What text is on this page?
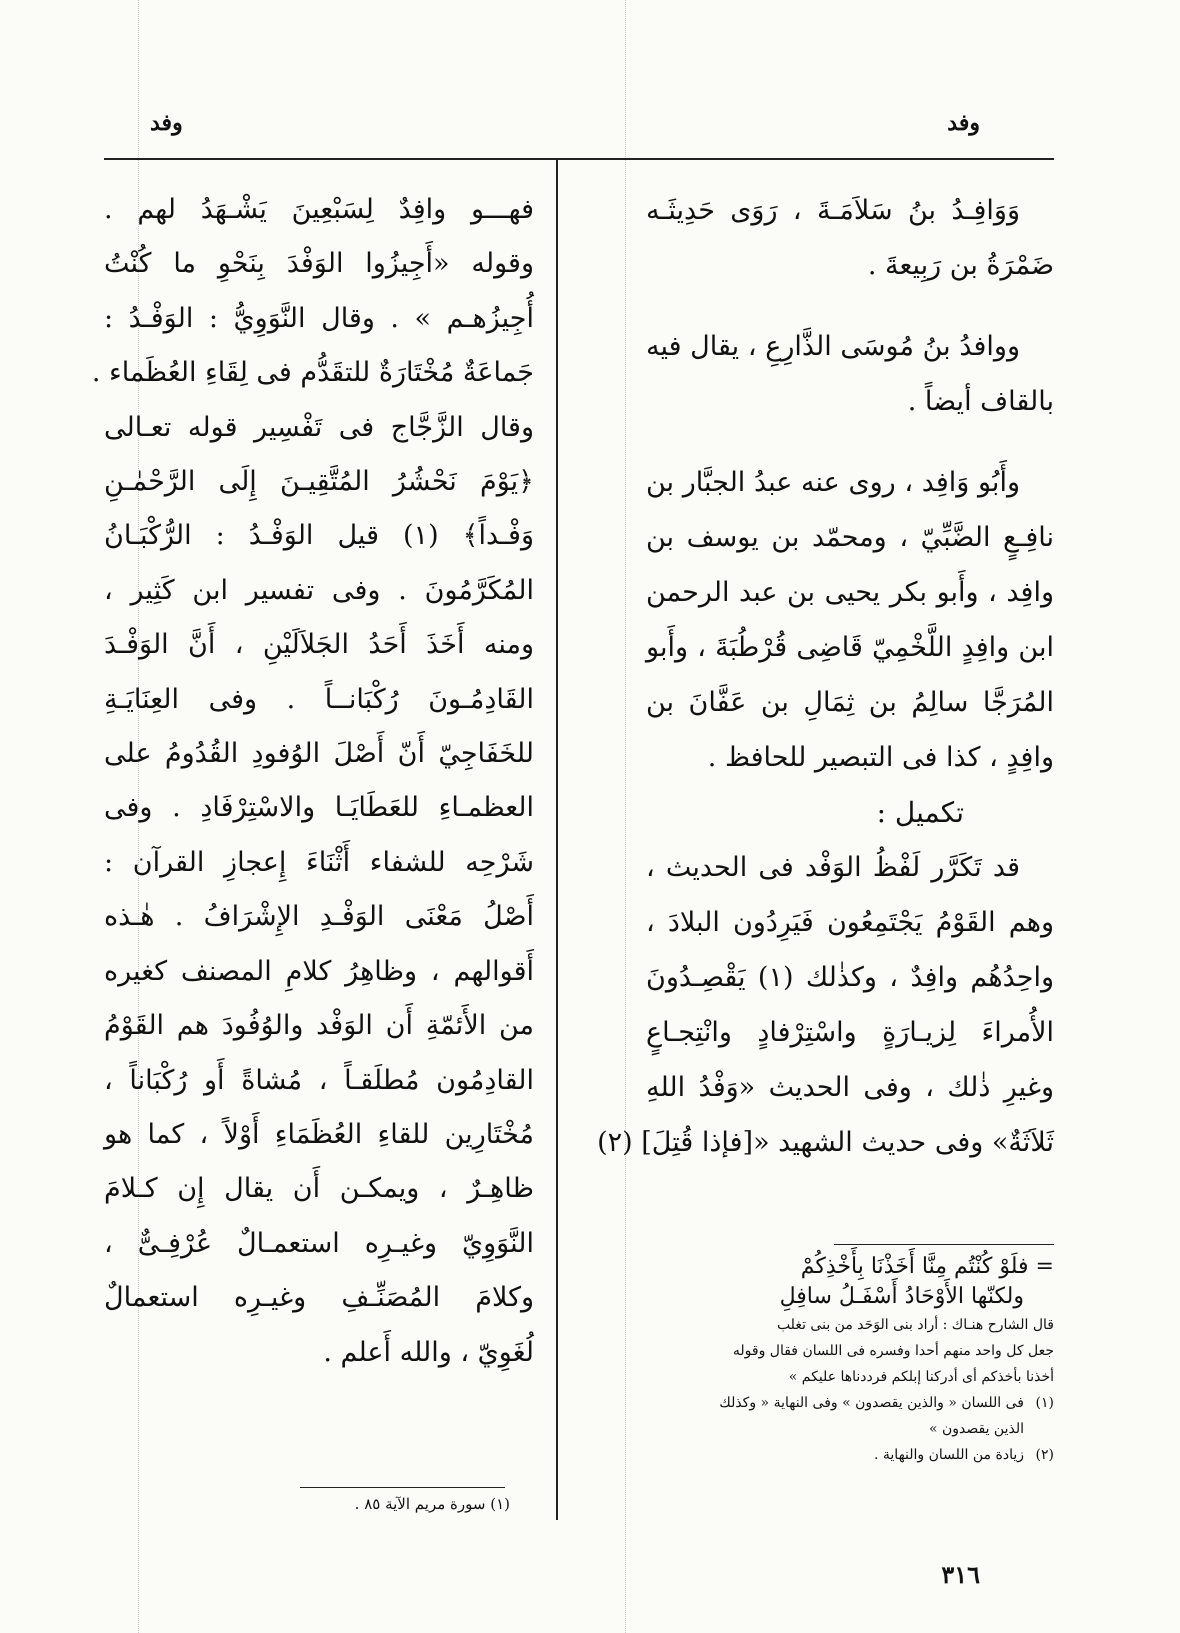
وفد
وفد
وَوَافِـدُ بنُ سَلاَمَـةَ ، رَوَى حَدِيثَـه
ضَمْرَةُ بن رَبِيعةَ .
ووافدُ بنُ مُوسَى الذَّارِعِ ، يقال فيه
بالقاف أيضاً .
وأَبُو وَافِد ، روى عنه عبدُ الجبَّار بن
نافِـعٍ الضَّبِّيّ ، ومحمّد بن يوسف بن
وافِد ، وأَبو بكر يحيى بن عبد الرحمن
ابن وافِدٍ اللَّخْمِيّ قَاضِى قُرْطُبَةَ ، وأَبو
المُرَجَّا سالِمُ بن ثِمَالِ بن عَفَّانَ بن
وافِدٍ ، كذا فى التبصير للحافظ .
تكميل :
قد تَكَرَّر لَفْظُ الوَفْد فى الحديث ،
وهم القَوْمُ يَجْتَمِعُون فَيَرِدُون البلادَ ،
واحِدُهُم وافِدٌ ، وكذٰلك (١) يَقْصِـدُونَ
الأُمراءَ لِزيـارَةٍ واسْتِرْفادٍ وانْتِجـاعٍ
وغيرِ ذٰلك ، وفى الحديث «وَفْدُ اللهِ
ثَلاَثَةٌ» وفى حديث الشهيد «[فإذا قُتِلَ] (٢)
= فلَوْ كُنْتُم مِنَّا أَخَذْنَا بِأَخْذِكُمْ
ولكنّها الأَوْحَادُ أَسْفَـلُ سافِلِ
قال الشارح هنـاك : أراد بنى الوَحَد من بنى تغلب
جعل كل واحد منهم أحدا وفسره فى اللسان فقال وقوله
أخذنا بأخذكم أى أدركنا إبلكم فرددناها عليكم »
(١)فى اللسان « والذين يقصدون » وفى النهاية « وكذلك
الذين يقصدون »
(٢)زيادة من اللسان والنهاية .
فهـــو وافِدٌ لِسَبْعِينَ يَشْـهَدُ لهم .
وقوله «أَجِيزُوا الوَفْدَ بِنَحْوِ ما كُنْتُ
أُجِيزُهـم » . وقال النَّوَوِيُّ : الوَفْـدُ :
جَماعَةٌ مُخْتَارَةٌ للتقَدُّم فى لِقَاءِ العُظَماء .
وقال الزَّجَّاج فى تَفْسِير قوله تعـالى
﴿يَوْمَ نَحْشُرُ المُتَّقِيـنَ إِلَى الرَّحْمٰـنِ
وَفْـداً﴾ (١) قيل الوَفْـدُ : الرُّكْبَـانُ
المُكَرَّمُونَ . وفى تفسير ابن كَثِير ،
ومنه أَخَذَ أَحَدُ الجَلاَلَيْنِ ، أَنَّ الوَفْـدَ
القَادِمُـونَ رُكْبَانــاً . وفى العِنَايَـةِ
للخَفَاجِيّ أَنّ أَصْلَ الوُفودِ القُدُومُ على
العظمـاءِ للعَطَايَـا والاسْتِرْفَادِ . وفى
شَرْحِه للشفاء أَثْنَاءَ إِعجازِ القرآن :
أَصْلُ مَعْنَى الوَفْـدِ الإِشْرَافُ . هٰـذه
أَقوالهم ، وظاهِرُ كلامِ المصنف كغيره
من الأَئمّةِ أَن الوَفْد والوُفُودَ هم القَوْمُ
القادِمُون مُطلَقـاً ، مُشاةً أَو رُكْبَاناً ،
مُخْتَارِين للقاءِ العُظَمَاءِ أَوْلاً ، كما هو
ظاهِـرٌ ، ويمكـن أَن يقال إِن كـلامَ
النَّوَوِيّ وغيـرِه استعمـالٌ عُرْفِـىٌّ ،
وكلامَ المُصَنِّـفِ وغيـرِه استعمالٌ
لُغَوِيّ ، والله أَعلم .
(١) سورة مريم الآية ٨٥ .
٣١٦
